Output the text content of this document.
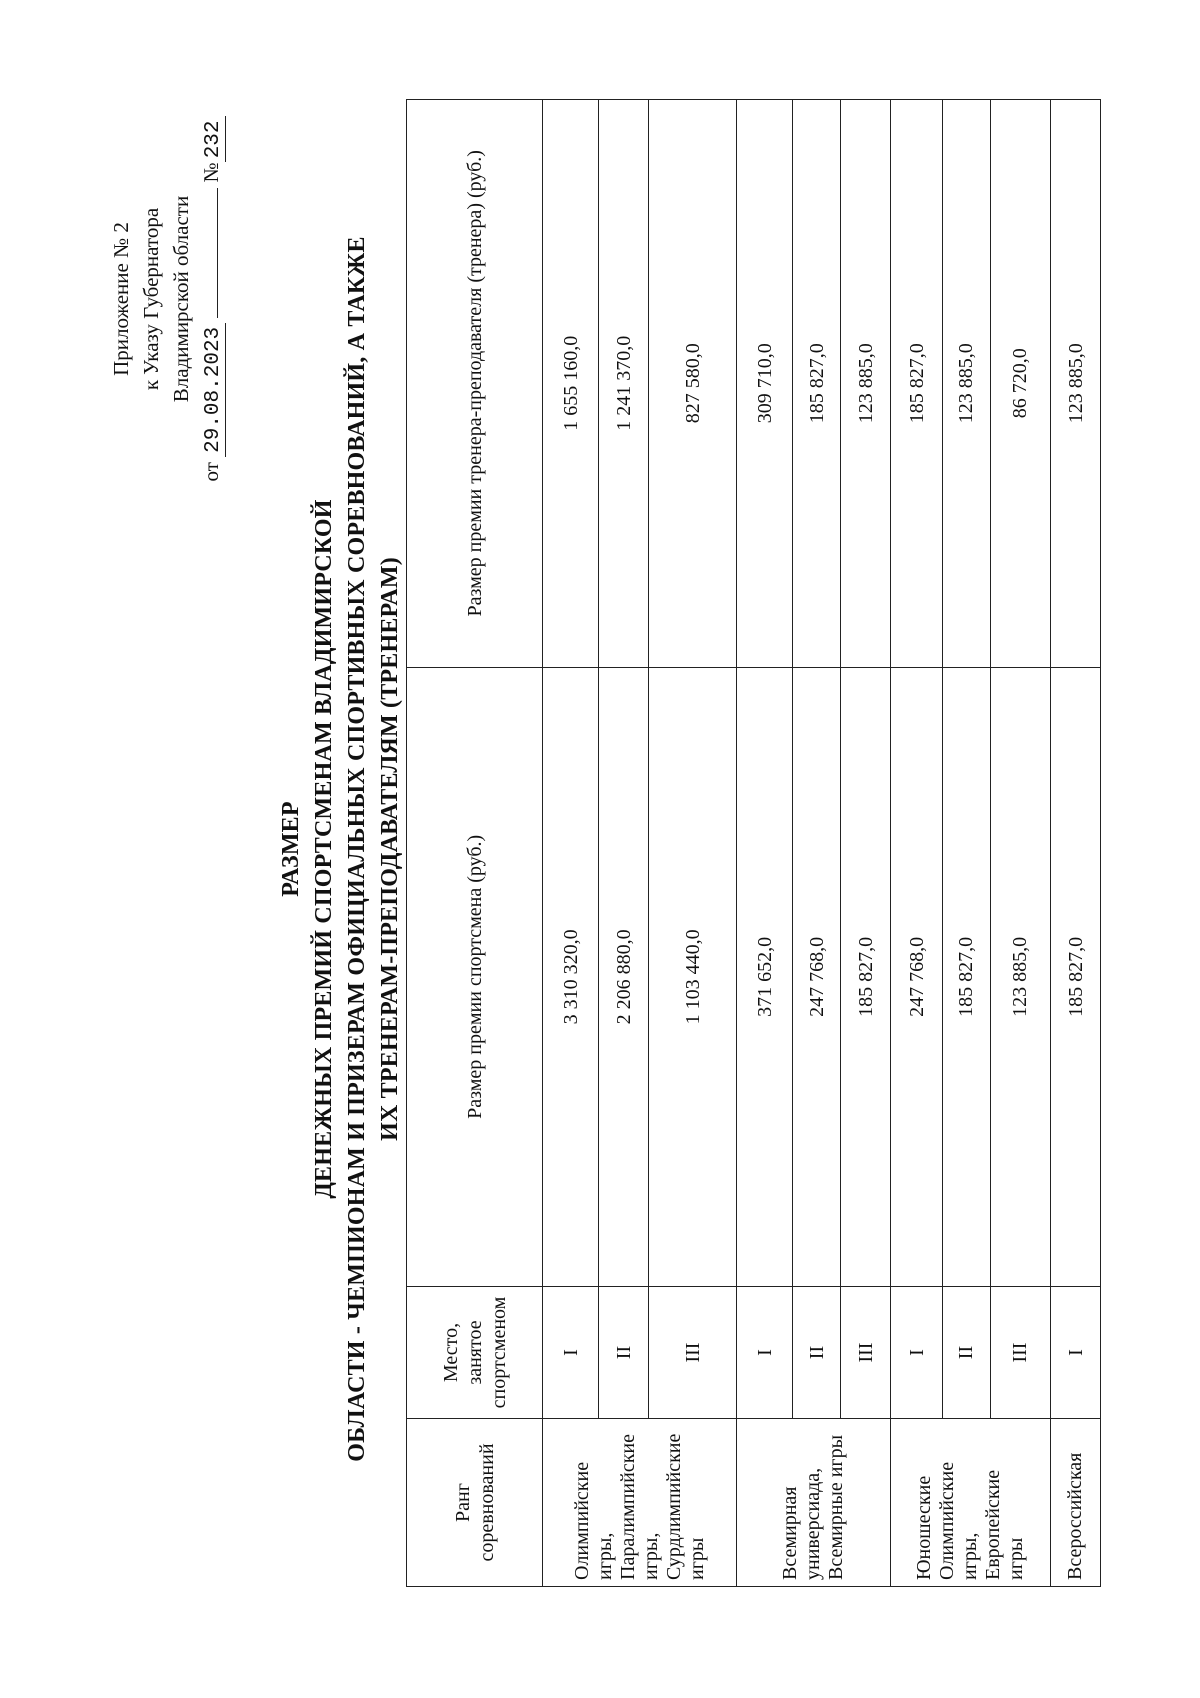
Приложение № 2 к Указу Губернатора Владимирской области
от 29.08.2023  №232
РАЗМЕР ДЕНЕЖНЫХ ПРЕМИЙ СПОРТСМЕНАМ ВЛАДИМИРСКОЙ ОБЛАСТИ - ЧЕМПИОНАМ И ПРИЗЕРАМ ОФИЦИАЛЬНЫХ СПОРТИВНЫХ СОРЕВНОВАНИЙ, А ТАКЖЕ ИХ ТРЕНЕРАМ-ПРЕПОДАВАТЕЛЯМ (ТРЕНЕРАМ)
Ранг соревнований	Место, занятое спортсменом	Размер премии спортсмена (руб.)	Размер премии тренера-преподавателя (тренера) (руб.)
Олимпийские игры, Паралимпийские игры, Сурдлимпийские игры	I	3 310 320,0	1 655 160,0
	II	2 206 880,0	1 241 370,0
	III	1 103 440,0	827 580,0
Всемирная универсиада, Всемирные игры	I	371 652,0	309 710,0
	II	247 768,0	185 827,0
	III	185 827,0	123 885,0
Юношеские Олимпийские игры, Европейские игры	I	247 768,0	185 827,0
	II	185 827,0	123 885,0
	III	123 885,0	86 720,0
Всероссийская	I	185 827,0	123 885,0
